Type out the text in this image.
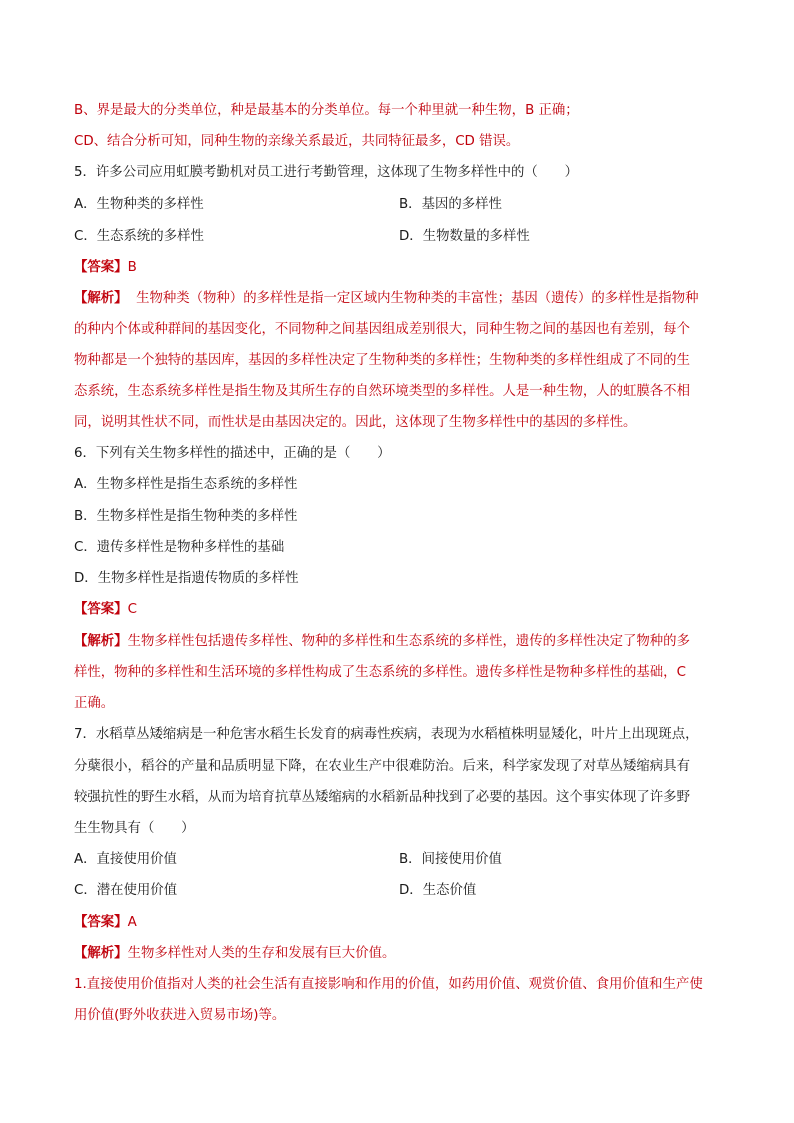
B、界是最大的分类单位，种是最基本的分类单位。每一个种里就一种生物，B 正确；
CD、结合分析可知，同种生物的亲缘关系最近，共同特征最多，CD 错误。
5．许多公司应用虹膜考勤机对员工进行考勤管理，这体现了生物多样性中的（　　）
A．生物种类的多样性	B．基因的多样性
C．生态系统的多样性	D．生物数量的多样性
【答案】B
【解析】  生物种类（物种）的多样性是指一定区域内生物种类的丰富性；基因（遗传）的多样性是指物种
的种内个体或种群间的基因变化，不同物种之间基因组成差别很大，同种生物之间的基因也有差别，每个
物种都是一个独特的基因库，基因的多样性决定了生物种类的多样性；生物种类的多样性组成了不同的生
态系统，生态系统多样性是指生物及其所生存的自然环境类型的多样性。人是一种生物，人的虹膜各不相
同，说明其性状不同，而性状是由基因决定的。因此，这体现了生物多样性中的基因的多样性。
6．下列有关生物多样性的描述中，正确的是（　　）
A．生物多样性是指生态系统的多样性
B．生物多样性是指生物种类的多样性
C．遗传多样性是物种多样性的基础
D．生物多样性是指遗传物质的多样性
【答案】C
【解析】生物多样性包括遗传多样性、物种的多样性和生态系统的多样性，遗传的多样性决定了物种的多
样性，物种的多样性和生活环境的多样性构成了生态系统的多样性。遗传多样性是物种多样性的基础，C
正确。
7．水稻草丛矮缩病是一种危害水稻生长发育的病毒性疾病，表现为水稻植株明显矮化，叶片上出现斑点，
分蘖很小，稻谷的产量和品质明显下降，在农业生产中很难防治。后来，科学家发现了对草丛矮缩病具有
较强抗性的野生水稻，从而为培育抗草丛矮缩病的水稻新品种找到了必要的基因。这个事实体现了许多野
生生物具有（　　）
A．直接使用价值	B．间接使用价值
C．潜在使用价值	D．生态价值
【答案】A
【解析】生物多样性对人类的生存和发展有巨大价值。
1.直接使用价值指对人类的社会生活有直接影响和作用的价值，如药用价值、观赏价值、食用价值和生产使
用价值(野外收获进入贸易市场)等。
